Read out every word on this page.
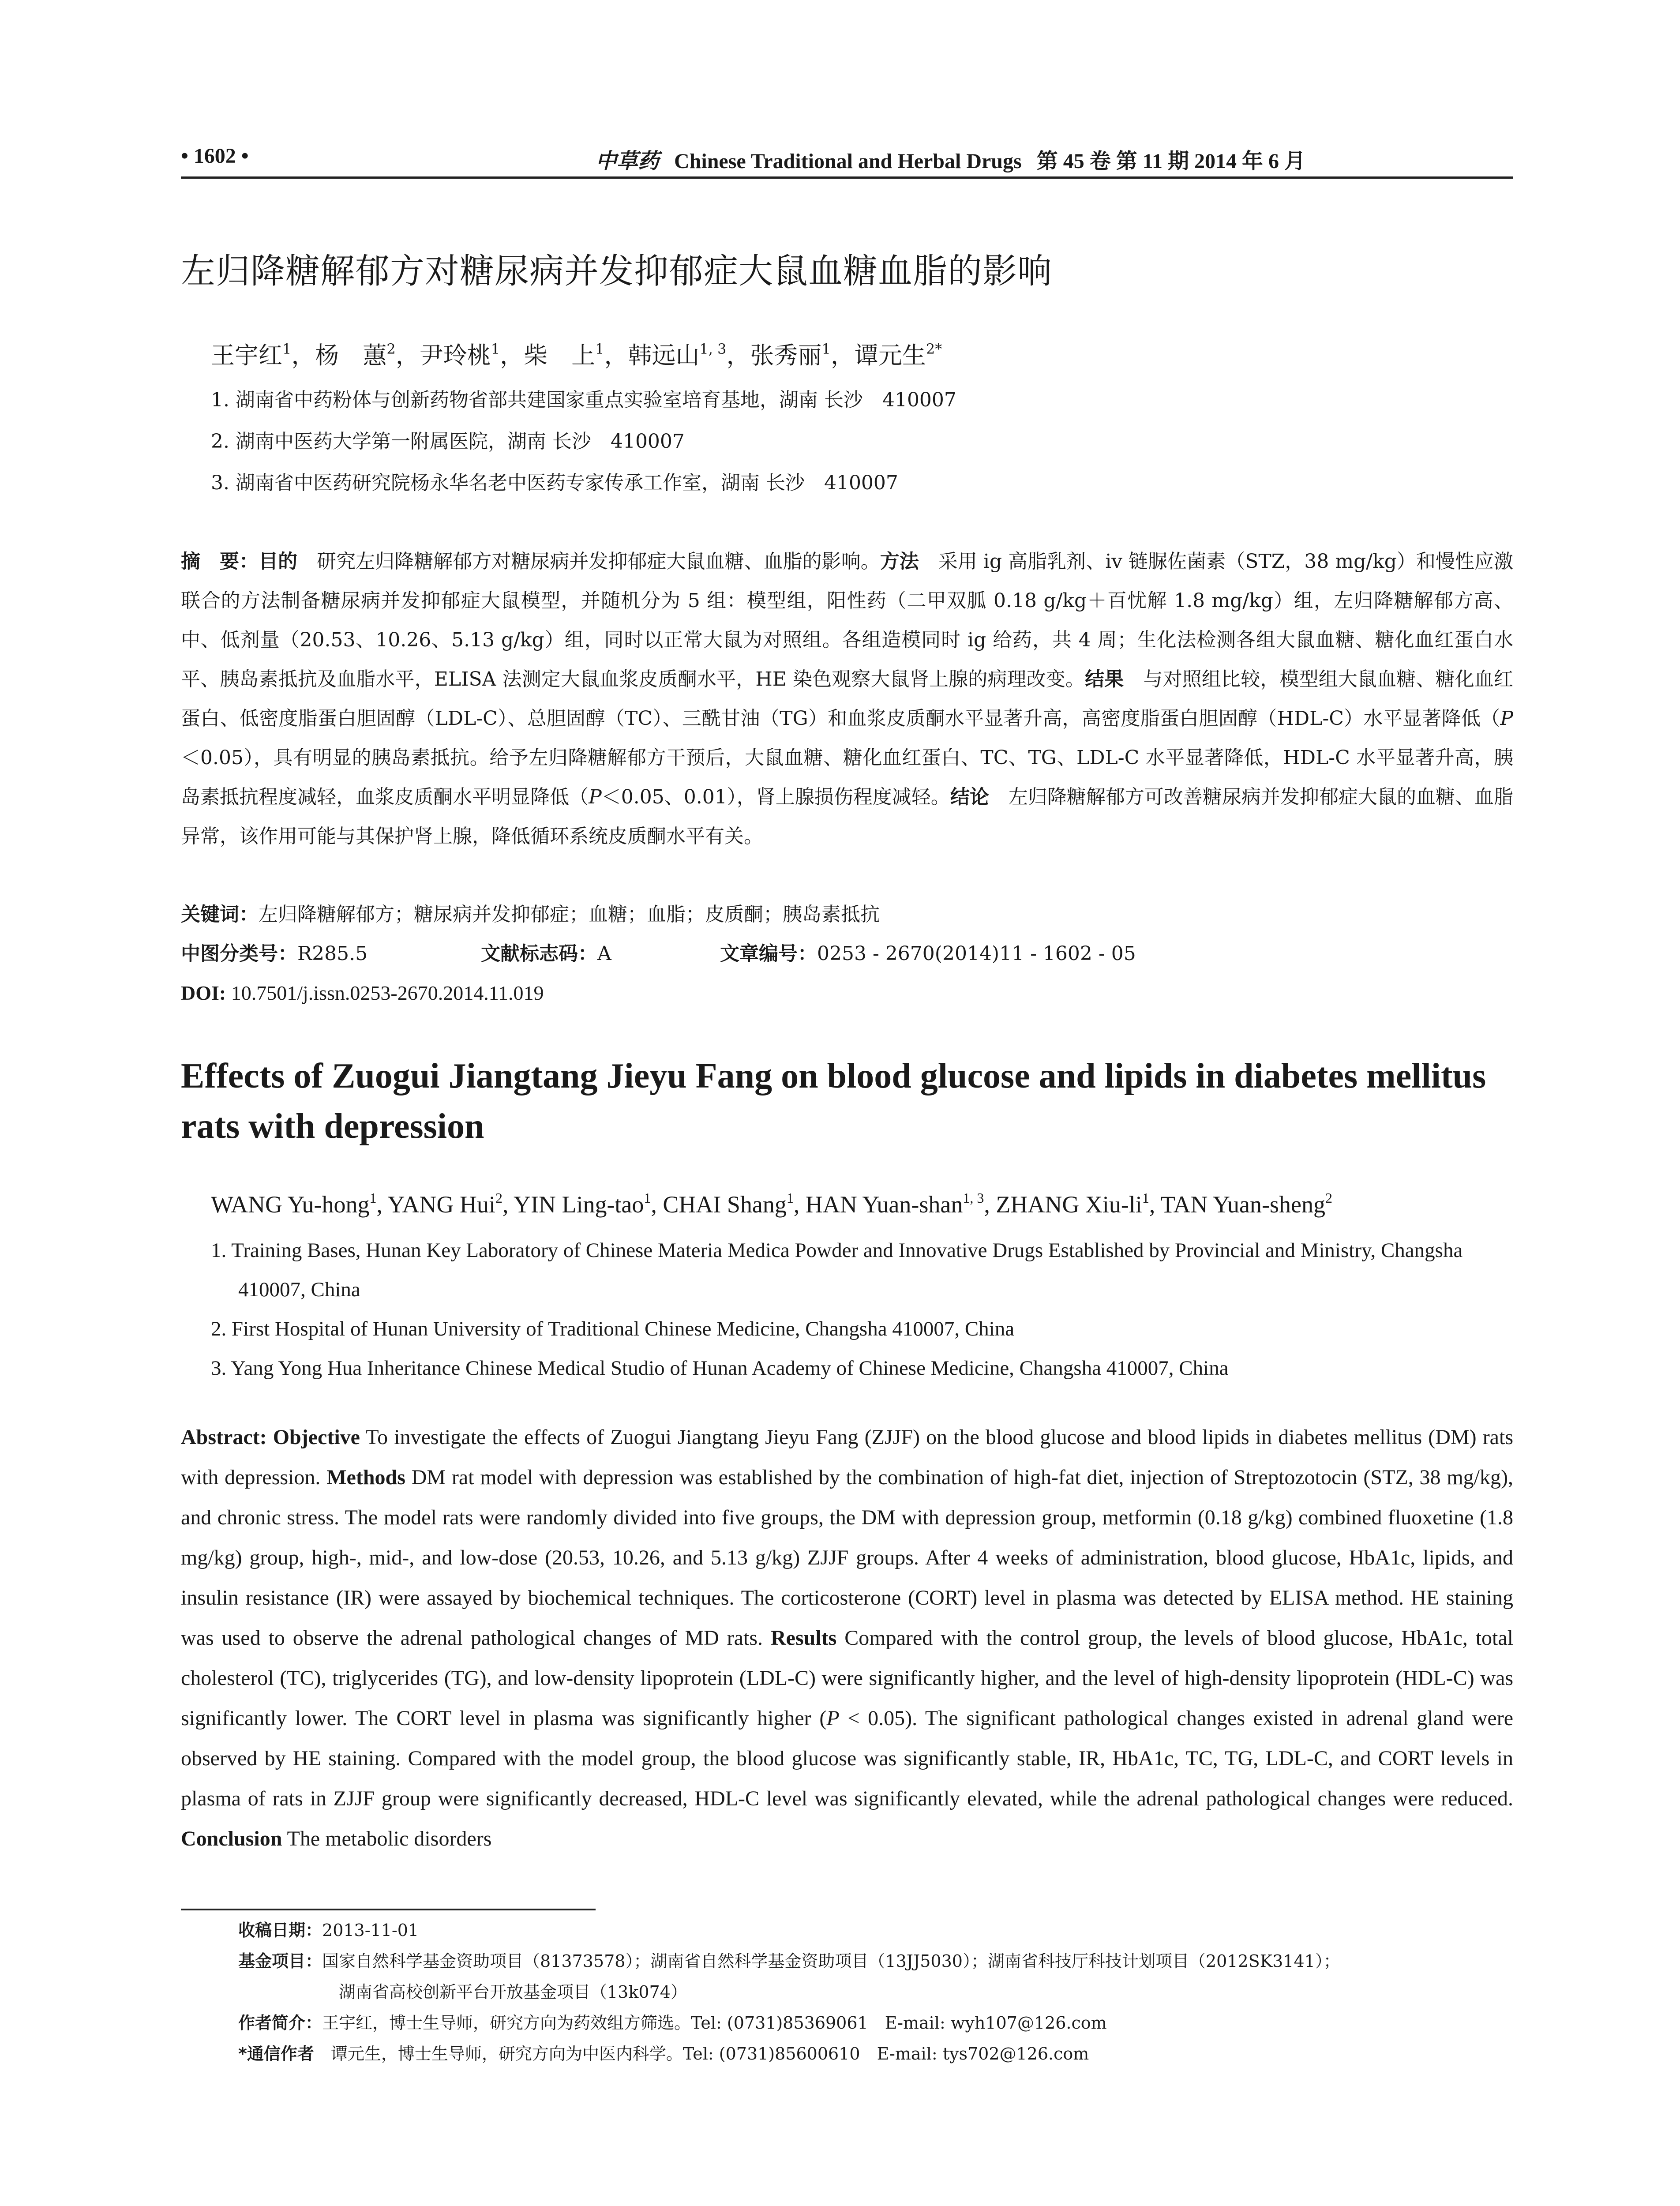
• 1602 •	中草药 Chinese Traditional and Herbal Drugs 第 45 卷 第 11 期 2014 年 6 月
左归降糖解郁方对糖尿病并发抑郁症大鼠血糖血脂的影响
王宇红$^1$，杨　蕙$^2$，尹玲桃$^1$，柴　上$^1$，韩远山$^{1, 3}$，张秀丽$^1$，谭元生$^{2*}$
1. 湖南省中药粉体与创新药物省部共建国家重点实验室培育基地，湖南 长沙　410007
2. 湖南中医药大学第一附属医院，湖南 长沙　410007
3. 湖南省中医药研究院杨永华名老中医药专家传承工作室，湖南 长沙　410007
摘　要：目的　研究左归降糖解郁方对糖尿病并发抑郁症大鼠血糖、血脂的影响。方法　采用 ig 高脂乳剂、iv 链脲佐菌素（STZ，38 mg/kg）和慢性应激联合的方法制备糖尿病并发抑郁症大鼠模型，并随机分为 5 组：模型组，阳性药（二甲双胍 0.18 g/kg＋百忧解 1.8 mg/kg）组，左归降糖解郁方高、中、低剂量（20.53、10.26、5.13 g/kg）组，同时以正常大鼠为对照组。各组造模同时 ig 给药，共 4 周；生化法检测各组大鼠血糖、糖化血红蛋白水平、胰岛素抵抗及血脂水平，ELISA 法测定大鼠血浆皮质酮水平，HE 染色观察大鼠肾上腺的病理改变。结果　与对照组比较，模型组大鼠血糖、糖化血红蛋白、低密度脂蛋白胆固醇（LDL-C）、总胆固醇（TC）、三酰甘油（TG）和血浆皮质酮水平显著升高，高密度脂蛋白胆固醇（HDL-C）水平显著降低（P＜0.05），具有明显的胰岛素抵抗。给予左归降糖解郁方干预后，大鼠血糖、糖化血红蛋白、TC、TG、LDL-C 水平显著降低，HDL-C 水平显著升高，胰岛素抵抗程度减轻，血浆皮质酮水平明显降低（P＜0.05、0.01），肾上腺损伤程度减轻。结论　左归降糖解郁方可改善糖尿病并发抑郁症大鼠的血糖、血脂异常，该作用可能与其保护肾上腺，降低循环系统皮质酮水平有关。
关键词：左归降糖解郁方；糖尿病并发抑郁症；血糖；血脂；皮质酮；胰岛素抵抗
中图分类号：R285.5	文献标志码：A	文章编号：0253 - 2670(2014)11 - 1602 - 05
DOI: 10.7501/j.issn.0253-2670.2014.11.019
Effects of Zuogui Jiangtang Jieyu Fang on blood glucose and lipids in diabetes mellitus rats with depression
WANG Yu-hong$^1$, YANG Hui$^2$, YIN Ling-tao$^1$, CHAI Shang$^1$, HAN Yuan-shan$^{1, 3}$, ZHANG Xiu-$li^1$, TAN Yuan-sheng$^2$
1. Training Bases, Hunan Key Laboratory of Chinese Materia Medica Powder and Innovative Drugs Established by Provincial and Ministry, Changsha 410007, China
2. First Hospital of Hunan University of Traditional Chinese Medicine, Changsha 410007, China
3. Yang Yong Hua Inheritance Chinese Medical Studio of Hunan Academy of Chinese Medicine, Changsha 410007, China
Abstract: Objective To investigate the effects of Zuogui Jiangtang Jieyu Fang (ZJJF) on the blood glucose and blood lipids in diabetes mellitus (DM) rats with depression. Methods DM rat model with depression was established by the combination of high-fat diet, injection of Streptozotocin (STZ, 38 mg/kg), and chronic stress. The model rats were randomly divided into five groups, the DM with depression group, metformin (0.18 g/kg) combined fluoxetine (1.8 mg/kg) group, high-, mid-, and low-dose (20.53, 10.26, and 5.13 g/kg) ZJJF groups. After 4 weeks of administration, blood glucose, HbA1c, lipids, and insulin resistance (IR) were assayed by biochemical techniques. The corticosterone (CORT) level in plasma was detected by ELISA method. HE staining was used to observe the adrenal pathological changes of MD rats. Results Compared with the control group, the levels of blood glucose, HbA1c, total cholesterol (TC), triglycerides (TG), and low-density lipoprotein (LDL-C) were significantly higher, and the level of high-density lipoprotein (HDL-C) was significantly lower. The CORT level in plasma was significantly higher (P < 0.05). The significant pathological changes existed in adrenal gland were observed by HE staining. Compared with the model group, the blood glucose was significantly stable, IR, HbA1c, TC, TG, LDL-C, and CORT levels in plasma of rats in ZJJF group were significantly decreased, HDL-C level was significantly elevated, while the adrenal pathological changes were reduced. Conclusion The metabolic disorders
收稿日期：2013-11-01
基金项目：国家自然科学基金资助项目（81373578）；湖南省自然科学基金资助项目（13JJ5030）；湖南省科技厅科技计划项目（2012SK3141）；
湖南省高校创新平台开放基金项目（13k074）
作者简介：王宇红，博士生导师，研究方向为药效组方筛选。Tel: (0731)85369061　E-mail: wyh107@126.com
*通信作者　谭元生，博士生导师，研究方向为中医内科学。Tel: (0731)85600610　E-mail: tys702@126.com
